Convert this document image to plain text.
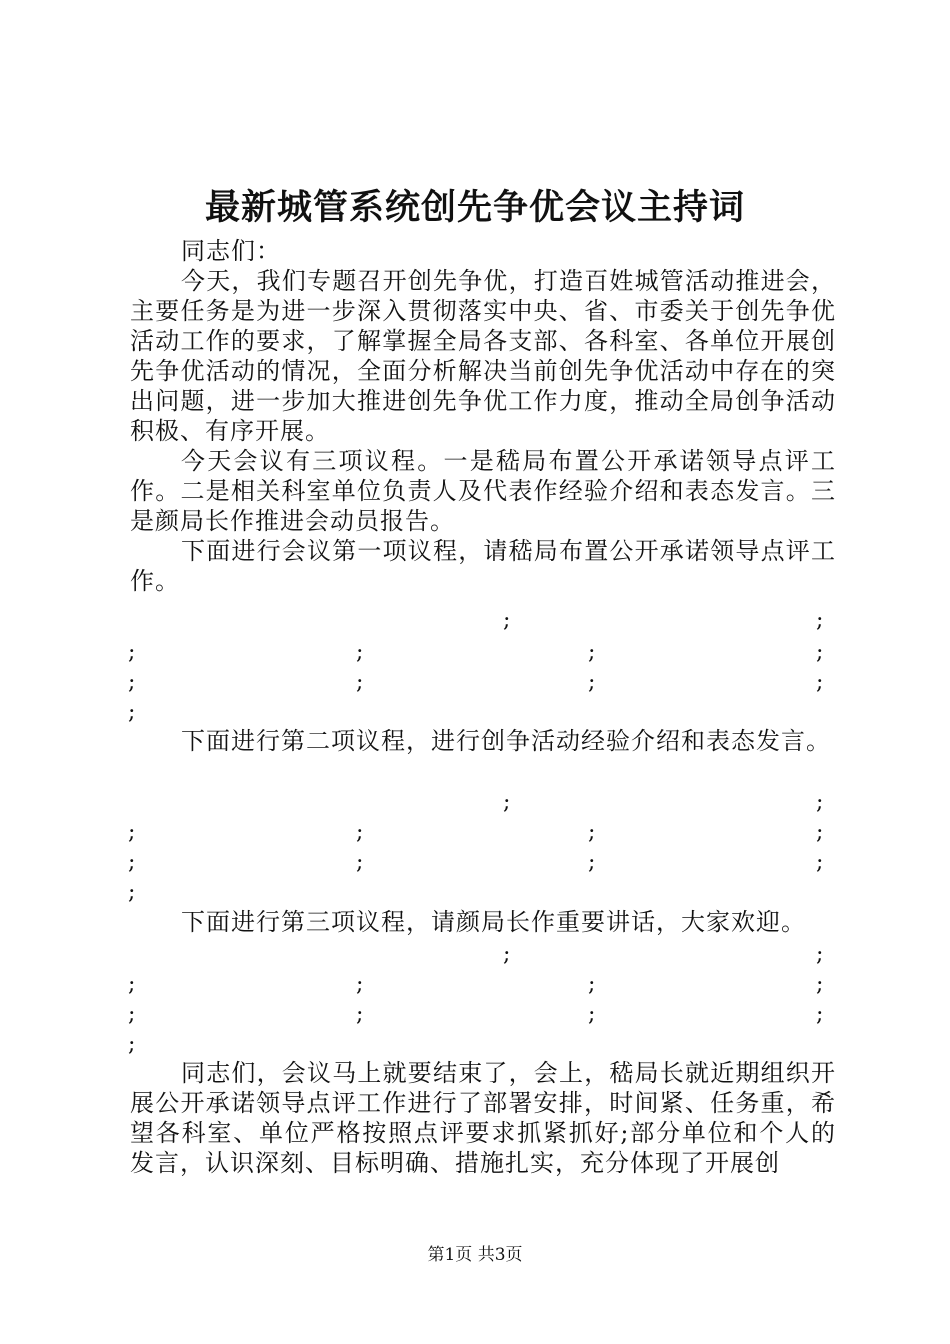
最新城管系统创先争优会议主持词
同志们：

今天，我们专题召开创先争优，打造百姓城管活动推进会，主要任务是为进一步深入贯彻落实中央、省、市委关于创先争优活动工作的要求，了解掌握全局各支部、各科室、各单位开展创先争优活动的情况，全面分析解决当前创先争优活动中存在的突出问题，进一步加大推进创先争优工作力度，推动全局创争活动积极、有序开展。

今天会议有三项议程。一是嵇局布置公开承诺领导点评工作。二是相关科室单位负责人及代表作经验介绍和表态发言。三是颜局长作推进会动员报告。

下面进行会议第一项议程，请嵇局布置公开承诺领导点评工作。

;	;
;	;	;	;
;	;	;	;
;

下面进行第二项议程，进行创争活动经验介绍和表态发言。

;	;
;	;	;	;
;	;	;	;
;

下面进行第三项议程，请颜局长作重要讲话，大家欢迎。

;	;
;	;	;	;
;	;	;	;
;

同志们，会议马上就要结束了，会上，嵇局长就近期组织开展公开承诺领导点评工作进行了部署安排，时间紧、任务重，希望各科室、单位严格按照点评要求抓紧抓好;部分单位和个人的发言，认识深刻、目标明确、措施扎实，充分体现了开展创

第1页 共3页
